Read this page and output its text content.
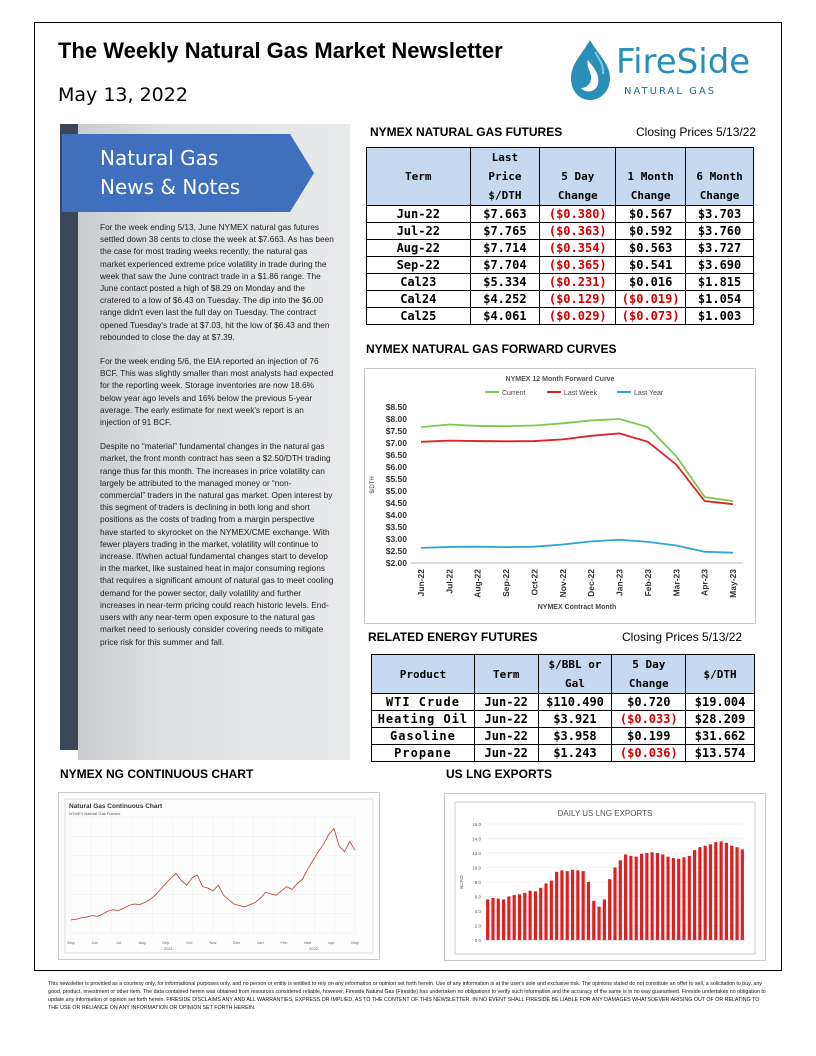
The Weekly Natural Gas Market Newsletter
May 13, 2022
FireSide
NATURAL GAS
Natural Gas
News & Notes

For the week ending 5/13, June NYMEX natural gas futures settled down 38 cents to close the week at $7.663. As has been the case for most trading weeks recently, the natural gas market experienced extreme price volatility in trade during the week that saw the June contract trade in a $1.86 range. The June contact posted a high of $8.29 on Monday and the cratered to a low of $6.43 on Tuesday. The dip into the $6.00 range didn't even last the full day on Tuesday. The contract opened Tuesday's trade at $7.03, hit the low of $6.43 and then rebounded to close the day at $7.39.

For the week ending 5/6, the EIA reported an injection of 76 BCF. This was slightly smaller than most analysts had expected for the reporting week. Storage inventories are now 18.6% below year ago levels and 16% below the previous 5-year average. The early estimate for next week's report is an injection of 91 BCF.

Despite no “material” fundamental changes in the natural gas market, the front month contract has seen a $2.50/DTH trading range thus far this month. The increases in price volatility can largely be attributed to the managed money or “non-commercial” traders in the natural gas market. Open interest by this segment of traders is declining in both long and short positions as the costs of trading from a margin perspective have started to skyrocket on the NYMEX/CME exchange. With fewer players trading in the market, volatility will continue to increase. If/when actual fundamental changes start to develop in the market, like sustained heat in major consuming regions that requires a significant amount of natural gas to meet cooling demand for the power sector, daily volatility and further increases in near-term pricing could reach historic levels. End-users with any near-term open exposure to the natural gas market need to seriously consider covering needs to mitigate price risk for this summer and fall.

NYMEX NATURAL GAS FUTURES	Closing Prices 5/13/22
Term	Last Price $/DTH	5 Day Change	1 Month Change	6 Month Change
Jun-22	$7.663	($0.380)	$0.567	$3.703
Jul-22	$7.765	($0.363)	$0.592	$3.760
Aug-22	$7.714	($0.354)	$0.563	$3.727
Sep-22	$7.704	($0.365)	$0.541	$3.690
Cal23	$5.334	($0.231)	$0.016	$1.815
Cal24	$4.252	($0.129)	($0.019)	$1.054
Cal25	$4.061	($0.029)	($0.073)	$1.003
NYMEX NATURAL GAS FORWARD CURVES
NYMEX 12 Month Forward Curve
Current	Last Week	Last Year
$8.50
$8.00
$7.50
$7.00
$6.50
$6.00
$5.50
$5.00
$4.50
$4.00
$3.50
$3.00
$2.50
$2.00
$/DTH
Jun-22 Jul-22 Aug-22 Sep-22 Oct-22 Nov-22 Dec-22 Jan-23 Feb-23 Mar-23 Apr-23 May-23
NYMEX Contract Month
RELATED ENERGY FUTURES	Closing Prices 5/13/22
Product	Term	$/BBL or Gal	5 Day Change	$/DTH
WTI Crude	Jun-22	$110.490	$0.720	$19.004
Heating Oil	Jun-22	$3.921	($0.033)	$28.209
Gasoline	Jun-22	$3.958	$0.199	$31.662
Propane	Jun-22	$1.243	($0.036)	$13.574
NYMEX NG CONTINUOUS CHART
Natural Gas Continuous Chart
NYMEX Natural Gas Futures
May	Jun	Jul	Aug	Sep	Oct	Nov	Dec	Jan	Feb	Mar	Apr	May
2021	2022
US LNG EXPORTS
DAILY US LNG EXPORTS
16.0
14.0
12.0
10.0
8.0
6.0
4.0
2.0
0.0
BCF/D
This newsletter is provided as a courtesy only, for informational purposes only, and no person or entity is entitled to rely on any information or opinion set forth herein. Use of any information is at the user's sole and exclusive risk. The opinions stated do not constitute an offer to sell, a solicitation to buy, any good, product, investment or other item. The data contained herein was obtained from resources considered reliable, however, Fireside Natural Gas (Fireside) has undertaken no obligations to verify such information and the accuracy of the same is in no way guaranteed. Fireside undertakes no obligation to update any information or opinion set forth herein. FIRESIDE DISCLAIMS ANY AND ALL WARRANTIES, EXPRESS OR IMPLIED, AS TO THE CONTENT OF THIS NEWSLETTER. IN NO EVENT SHALL FIRESIDE BE LIABLE FOR ANY DAMAGES WHATSOEVER ARISING OUT OF OR RELATING TO THE USE OR RELIANCE ON ANY INFORMATION OR OPINION SET FORTH HEREIN.
